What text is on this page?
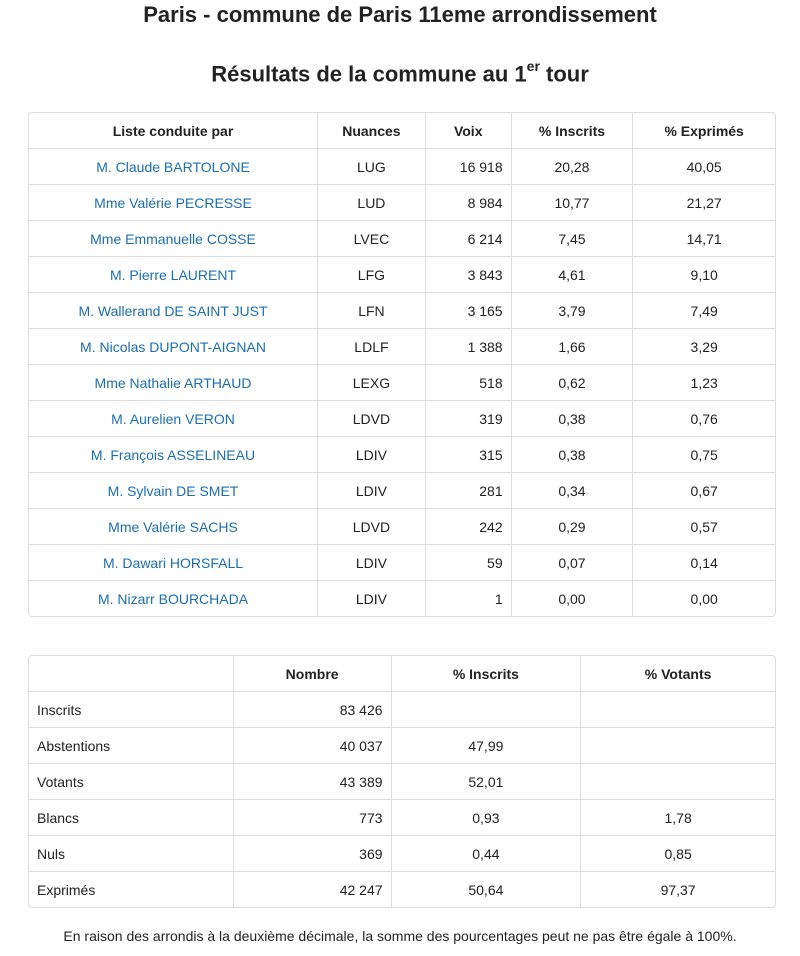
Paris - commune de Paris 11eme arrondissement
Résultats de la commune au 1er tour
Liste conduite par	Nuances	Voix	% Inscrits	% Exprimés
M. Claude BARTOLONE	LUG	16 918	20,28	40,05
Mme Valérie PECRESSE	LUD	8 984	10,77	21,27
Mme Emmanuelle COSSE	LVEC	6 214	7,45	14,71
M. Pierre LAURENT	LFG	3 843	4,61	9,10
M. Wallerand DE SAINT JUST	LFN	3 165	3,79	7,49
M. Nicolas DUPONT-AIGNAN	LDLF	1 388	1,66	3,29
Mme Nathalie ARTHAUD	LEXG	518	0,62	1,23
M. Aurelien VERON	LDVD	319	0,38	0,76
M. François ASSELINEAU	LDIV	315	0,38	0,75
M. Sylvain DE SMET	LDIV	281	0,34	0,67
Mme Valérie SACHS	LDVD	242	0,29	0,57
M. Dawari HORSFALL	LDIV	59	0,07	0,14
M. Nizarr BOURCHADA	LDIV	1	0,00	0,00
	Nombre	% Inscrits	% Votants
Inscrits	83 426		
Abstentions	40 037	47,99	
Votants	43 389	52,01	
Blancs	773	0,93	1,78
Nuls	369	0,44	0,85
Exprimés	42 247	50,64	97,37
En raison des arrondis à la deuxième décimale, la somme des pourcentages peut ne pas être égale à 100%.
